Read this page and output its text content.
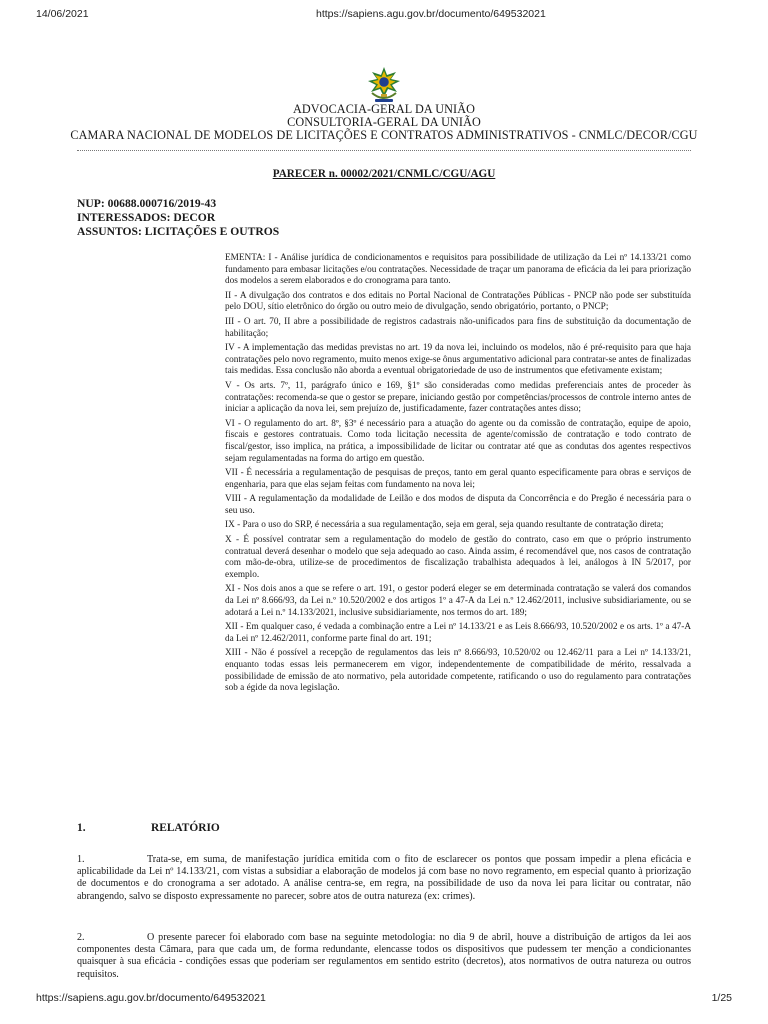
14/06/2021	https://sapiens.agu.gov.br/documento/649532021
ADVOCACIA-GERAL DA UNIÃO
CONSULTORIA-GERAL DA UNIÃO
CAMARA NACIONAL DE MODELOS DE LICITAÇÕES E CONTRATOS ADMINISTRATIVOS - CNMLC/DECOR/CGU
PARECER n. 00002/2021/CNMLC/CGU/AGU
NUP: 00688.000716/2019-43
INTERESSADOS: DECOR
ASSUNTOS: LICITAÇÕES E OUTROS

EMENTA: I - Análise jurídica de condicionamentos e requisitos para possibilidade de utilização da Lei nº 14.133/21 como fundamento para embasar licitações e/ou contratações. Necessidade de traçar um panorama de eficácia da lei para priorização dos modelos a serem elaborados e do cronograma para tanto.

II - A divulgação dos contratos e dos editais no Portal Nacional de Contratações Públicas - PNCP não pode ser substituída pelo DOU, sítio eletrônico do órgão ou outro meio de divulgação, sendo obrigatório, portanto, o PNCP;

III - O art. 70, II abre a possibilidade de registros cadastrais não-unificados para fins de substituição da documentação de habilitação;

IV - A implementação das medidas previstas no art. 19 da nova lei, incluindo os modelos, não é pré-requisito para que haja contratações pelo novo regramento, muito menos exige-se ônus argumentativo adicional para contratar-se antes de finalizadas tais medidas. Essa conclusão não aborda a eventual obrigatoriedade de uso de instrumentos que efetivamente existam;

V - Os arts. 7º, 11, parágrafo único e 169, §1º são consideradas como medidas preferenciais antes de proceder às contratações: recomenda-se que o gestor se prepare, iniciando gestão por competências/processos de controle interno antes de iniciar a aplicação da nova lei, sem prejuízo de, justificadamente, fazer contratações antes disso;

VI - O regulamento do art. 8º, §3º é necessário para a atuação do agente ou da comissão de contratação, equipe de apoio, fiscais e gestores contratuais. Como toda licitação necessita de agente/comissão de contratação e todo contrato de fiscal/gestor, isso implica, na prática, a impossibilidade de licitar ou contratar até que as condutas dos agentes respectivos sejam regulamentadas na forma do artigo em questão.

VII - É necessária a regulamentação de pesquisas de preços, tanto em geral quanto especificamente para obras e serviços de engenharia, para que elas sejam feitas com fundamento na nova lei;

VIII - A regulamentação da modalidade de Leilão e dos modos de disputa da Concorrência e do Pregão é necessária para o seu uso.

IX - Para o uso do SRP, é necessária a sua regulamentação, seja em geral, seja quando resultante de contratação direta;

X - É possível contratar sem a regulamentação do modelo de gestão do contrato, caso em que o próprio instrumento contratual deverá desenhar o modelo que seja adequado ao caso. Ainda assim, é recomendável que, nos casos de contratação com mão-de-obra, utilize-se de procedimentos de fiscalização trabalhista adequados à lei, análogos à IN 5/2017, por exemplo.

XI - Nos dois anos a que se refere o art. 191, o gestor poderá eleger se em determinada contratação se valerá dos comandos da Lei nº 8.666/93, da Lei n.º 10.520/2002 e dos artigos 1º a 47-A da Lei n.º 12.462/2011, inclusive subsidiariamente, ou se adotará a Lei n.º 14.133/2021, inclusive subsidiariamente, nos termos do art. 189;

XII - Em qualquer caso, é vedada a combinação entre a Lei nº 14.133/21 e as Leis 8.666/93, 10.520/2002 e os arts. 1º a 47-A da Lei nº 12.462/2011, conforme parte final do art. 191;

XIII - Não é possível a recepção de regulamentos das leis nº 8.666/93, 10.520/02 ou 12.462/11 para a Lei nº 14.133/21, enquanto todas essas leis permanecerem em vigor, independentemente de compatibilidade de mérito, ressalvada a possibilidade de emissão de ato normativo, pela autoridade competente, ratificando o uso do regulamento para contratações sob a égide da nova legislação.

1.	RELATÓRIO
1.	Trata-se, em suma, de manifestação jurídica emitida com o fito de esclarecer os pontos que possam impedir a plena eficácia e aplicabilidade da Lei nº 14.133/21, com vistas a subsidiar a elaboração de modelos já com base no novo regramento, em especial quanto à priorização de documentos e do cronograma a ser adotado. A análise centra-se, em regra, na possibilidade de uso da nova lei para licitar ou contratar, não abrangendo, salvo se disposto expressamente no parecer, sobre atos de outra natureza (ex: crimes).
2.	O presente parecer foi elaborado com base na seguinte metodologia: no dia 9 de abril, houve a distribuição de artigos da lei aos componentes desta Câmara, para que cada um, de forma redundante, elencasse todos os dispositivos que pudessem ter menção a condicionantes quaisquer à sua eficácia - condições essas que poderiam ser regulamentos em sentido estrito (decretos), atos normativos de outra natureza ou outros requisitos.
https://sapiens.agu.gov.br/documento/649532021	1/25
